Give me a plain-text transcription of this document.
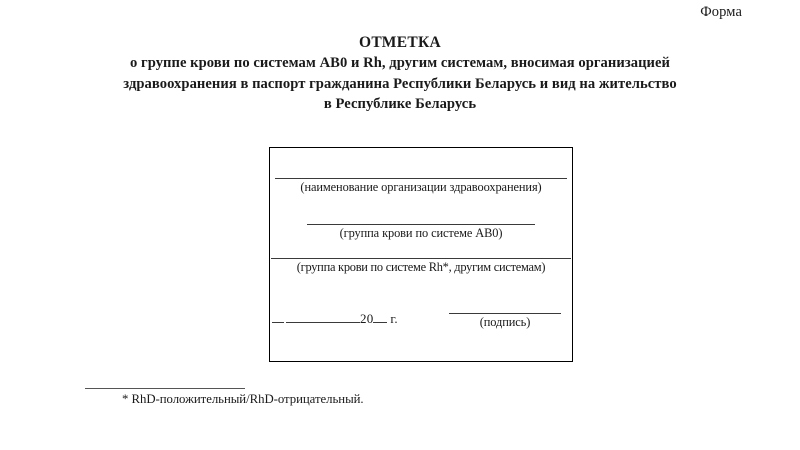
Форма
ОТМЕТКА
о группе крови по системам АВ0 и Rh, другим системам, вносимая организацией
здравоохранения в паспорт гражданина Республики Беларусь и вид на жительство
в Республике Беларусь
(наименование организации здравоохранения)
(группа крови по системе АВ0)
(группа крови по системе Rh*, другим системам)
20 г.	(подпись)
* RhD-положительный/RhD-отрицательный.
